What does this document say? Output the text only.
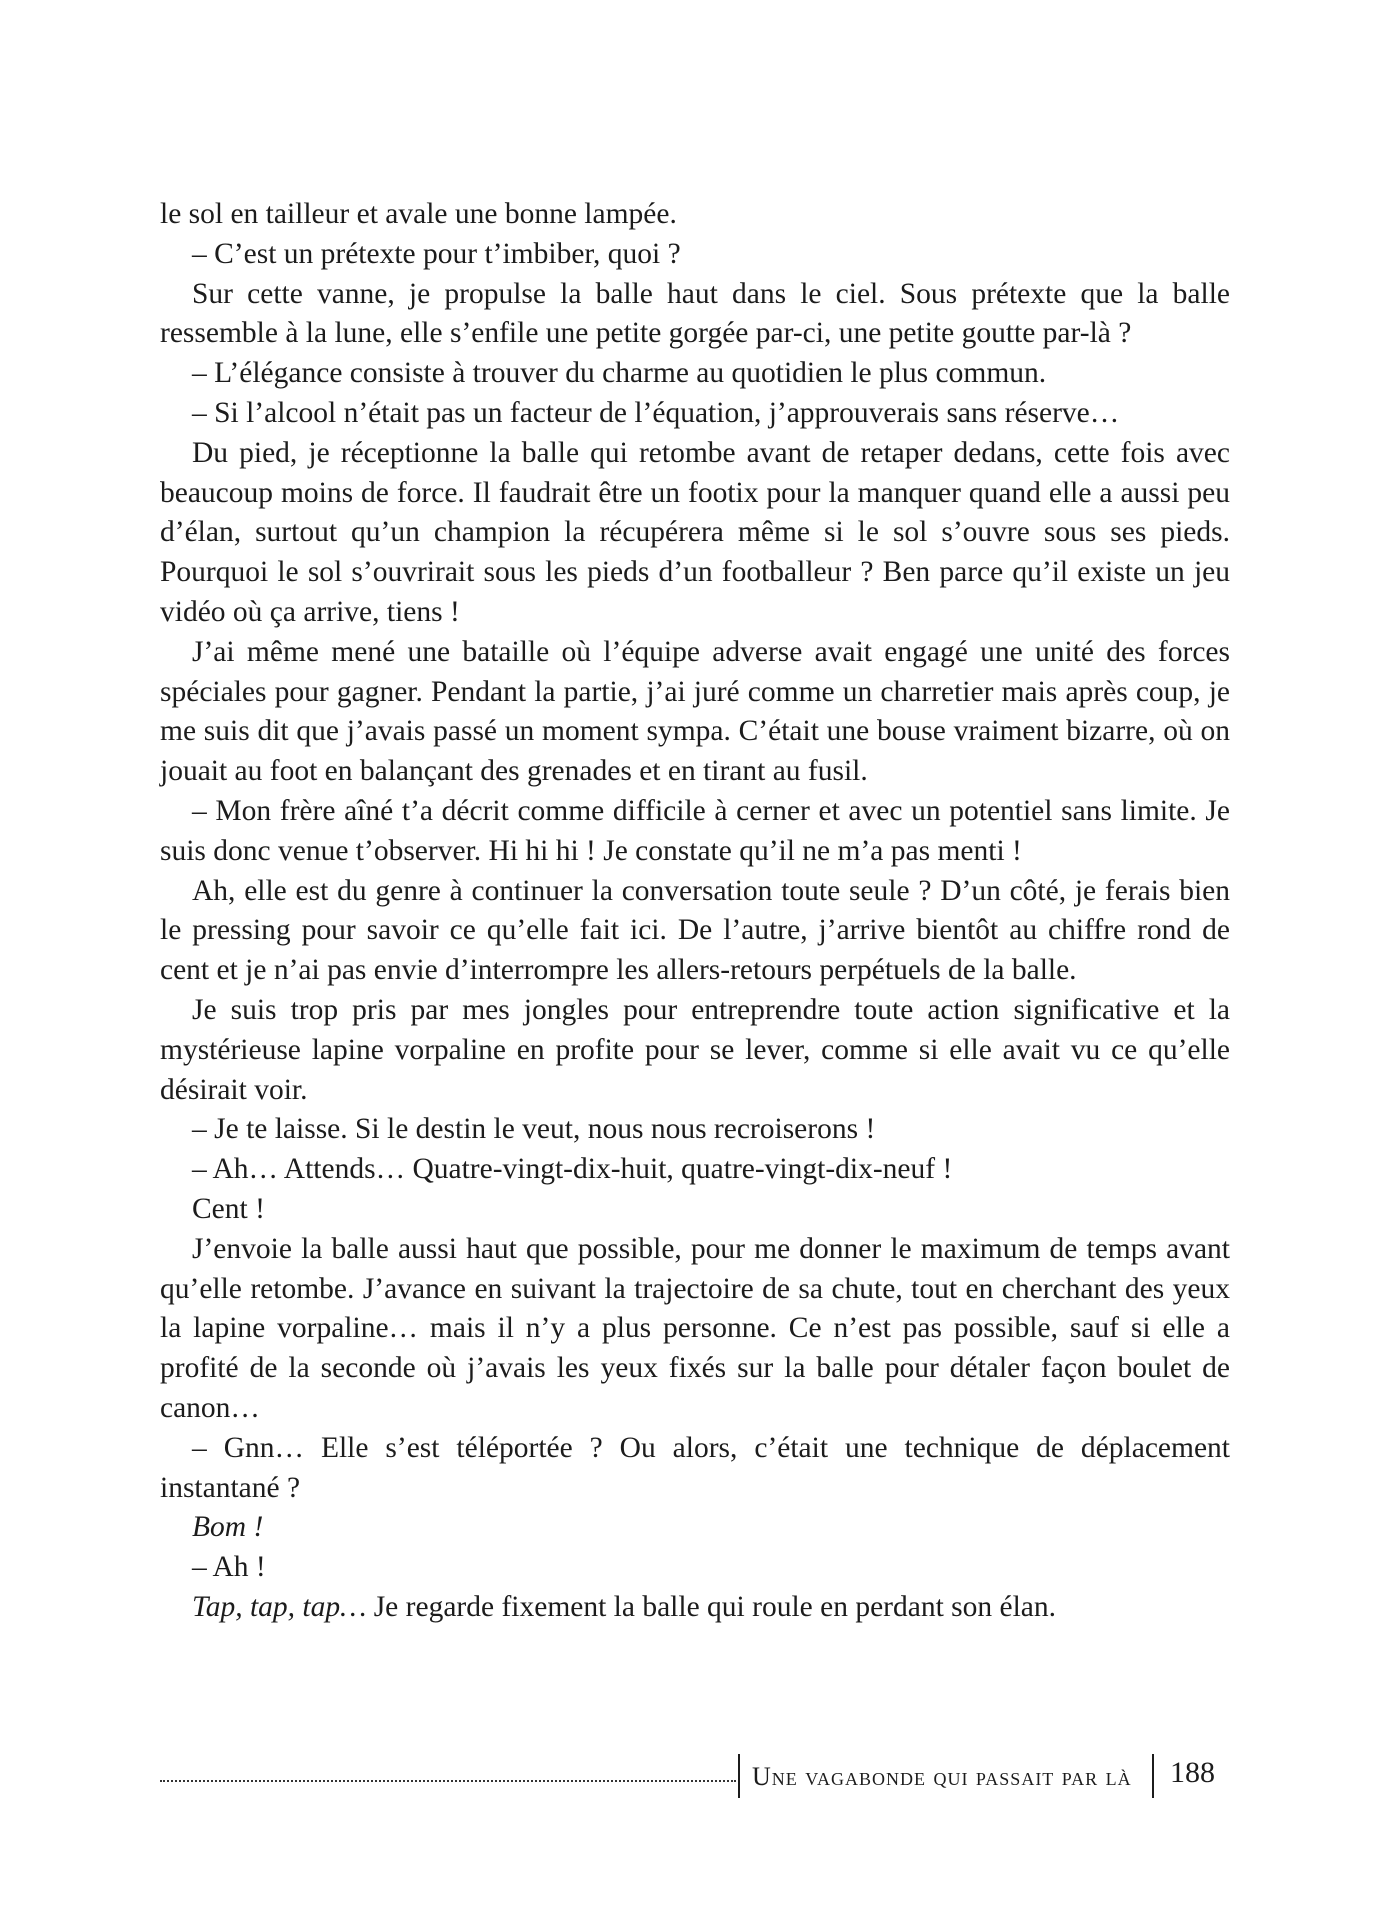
le sol en tailleur et avale une bonne lampée.

– C’est un prétexte pour t’imbiber, quoi ?

Sur cette vanne, je propulse la balle haut dans le ciel. Sous prétexte que la balle ressemble à la lune, elle s’enfile une petite gorgée par-ci, une petite goutte par-là ?

– L’élégance consiste à trouver du charme au quotidien le plus commun.

– Si l’alcool n’était pas un facteur de l’équation, j’approuverais sans réserve…

Du pied, je réceptionne la balle qui retombe avant de retaper dedans, cette fois avec beaucoup moins de force. Il faudrait être un footix pour la manquer quand elle a aussi peu d’élan, surtout qu’un champion la récupérera même si le sol s’ouvre sous ses pieds. Pourquoi le sol s’ouvrirait sous les pieds d’un footballeur ? Ben parce qu’il existe un jeu vidéo où ça arrive, tiens !

J’ai même mené une bataille où l’équipe adverse avait engagé une unité des forces spéciales pour gagner. Pendant la partie, j’ai juré comme un charretier mais après coup, je me suis dit que j’avais passé un moment sympa. C’était une bouse vraiment bizarre, où on jouait au foot en balançant des grenades et en tirant au fusil.

– Mon frère aîné t’a décrit comme difficile à cerner et avec un potentiel sans limite. Je suis donc venue t’observer. Hi hi hi ! Je constate qu’il ne m’a pas menti !

Ah, elle est du genre à continuer la conversation toute seule ? D’un côté, je ferais bien le pressing pour savoir ce qu’elle fait ici. De l’autre, j’arrive bientôt au chiffre rond de cent et je n’ai pas envie d’interrompre les allers-retours perpétuels de la balle.

Je suis trop pris par mes jongles pour entreprendre toute action significative et la mystérieuse lapine vorpaline en profite pour se lever, comme si elle avait vu ce qu’elle désirait voir.

– Je te laisse. Si le destin le veut, nous nous recroiserons !

– Ah… Attends… Quatre-vingt-dix-huit, quatre-vingt-dix-neuf !

Cent !

J’envoie la balle aussi haut que possible, pour me donner le maximum de temps avant qu’elle retombe. J’avance en suivant la trajectoire de sa chute, tout en cherchant des yeux la lapine vorpaline… mais il n’y a plus personne. Ce n’est pas possible, sauf si elle a profité de la seconde où j’avais les yeux fixés sur la balle pour détaler façon boulet de canon…

– Gnn… Elle s’est téléportée ? Ou alors, c’était une technique de déplacement instantané ?

Bom !

– Ah !

Tap, tap, tap… Je regarde fixement la balle qui roule en perdant son élan.

Une vagabonde qui passait par là	188
